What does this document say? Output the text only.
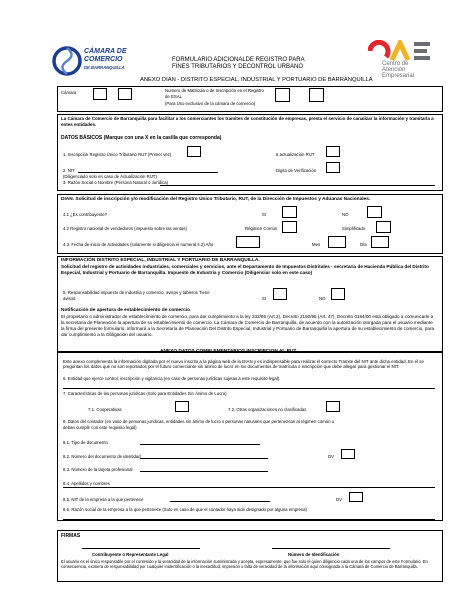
CÁMARA DE
COMERCIO
DE BARRANQUILLA
FORMULARIO ADICIONALDE REGISTRO PARA
FINES TRIBUTARIOS Y DECONTROL URBANO	Centro de
Atención
Empresarial
ANEXO DIAN - DISTRITO ESPECIAL, INDUSTRIAL Y PORTUARIO DE BARRANQUILLA
Cámara	Numero de Matricula o de Inscripción en el Registro
de ESAL
(Para Uso exclusivo de la cámara de comercio)
La Cámara de Comercio de Barranquilla para facilitar a los comerciantes los tramites de constitución de empresas, presta el servicio de canalizar la información y tramitarla a entes entidades.
DATOS BÁSICOS (Marque con una X en la casilla que corresponda)
1. Inscripción Registro Único Tributario RUT (Primer vez)	6 actualización RUT
2. NIT
(Diligenciado solo en caso de Actualización RUT)
Digito de Verificación
3. Razón Social o Nombre (Persona Natural o Jurídica)
DIAN. Solicitud de inscripción y/o modificación del Registro Único Tributario, RUT, de la Dirección de Impuestos y Aduanas Nacionales.
4.1 ¿Es contribuyente?	SI	NO
4.2 Registro nacional de vendedores (impuesto sobre las ventas)	Régimen Común	Simplificado
4.3. Fecha de inicio de actividades (solamente si diligencia el numeral 4.2) Año	Mes	Día
INFORMACIÓN DISTRITO ESPECIAL, INDUSTRIAL Y PORTUARIO DE BARRANQUILLA.
Solicitud del registro de actividades industriales, comerciales y servicios, ante el Departamento de Impuestos Distritales - secretaría de Hacienda Pública del Distrito Especial, Industrial y Portuario de Barranquilla. Impuesto de Industria y Comercio (Diligenciar solo en este caso)
5. Responsabilidad impuesto de industria y comercio, avisos y tableros Tiene
avisos:	SI	NO
Notificación de apertura de establecimiento de comercio
El propietario o administrador de establecimiento de comercio, para dar cumplimiento a la ley 232/95 (Art.2), Decreto 2150/95 (Art. 47), Decreto 0154/00 está obligado a comunicarle a la secretaria de Planeación la apertura de su establecimiento de comercio. La Cámara de Comercio de Barranquilla, de acuerdo con la autorización otorgada para el usuario mediante la firma del presente formulario, informará a la Secretaría de Planeación Del Distrito Especial, Industrial y Portuario de Barranquilla la apertura de su establecimiento de comercio, para dar cumplimiento a la Obligación del usuario.
ANEXO DATOS COMPLEMENTARIOS INSCRIPCION AL RUT
Este anexo complementa la información digitada por el nuevo inscrito a la página web de la DIAN y es indispensable para realizar el correcto Tramite del NIT ante dicha entidad. En él se preguntan los datos que no son reportados por el futuro comerciante sin ánimo de lucro en los documentos de matrícula o inscripción que debe allegar para gestionar el NIT.
6. Entidad que ejerce control, inscripción y vigilancia (en caso de personas jurídicas sujetas a este requisito legal).
7. Características de las personas jurídicas (Solo para Entidades Sin Ánimo de Lucro)
7.1. Cooperativas	7.2. Otras organizaciones no clasificadas
8. Datos del contador (en vaso de personas jurídicas, entidades sin ánimo de lucro o personas naturales que pertenezcan al régimen común o
deban cumplir con este requisito legal)
8.1. Tipo de documento
8.2. Número del documento de identidad	DV
8.3. Número de la tarjeta profesional
8.4. Apellidos y nombres
8.5. NIT de la empresa a la que pertenece	DV
8.6. Razón social de la empresa a la que pertenece (Solo en caso de que el contador haya sido designado por alguna empresa)
FIRMAS
Contribuyente o Representante Legal	Número de Identificación
El usuario es el único responsable por el contenido y la veracidad de la información suministrada y acepta, expresamente, que fue solo el quien diligencio cada una de los campos de este Formulario. En consecuencia, exonera de responsabilidad por cualquier inidentificación o la inexactitud, impresión o falta de veracidad de la información aquí consignada a la Cámara de Comercio de Barranquilla.
